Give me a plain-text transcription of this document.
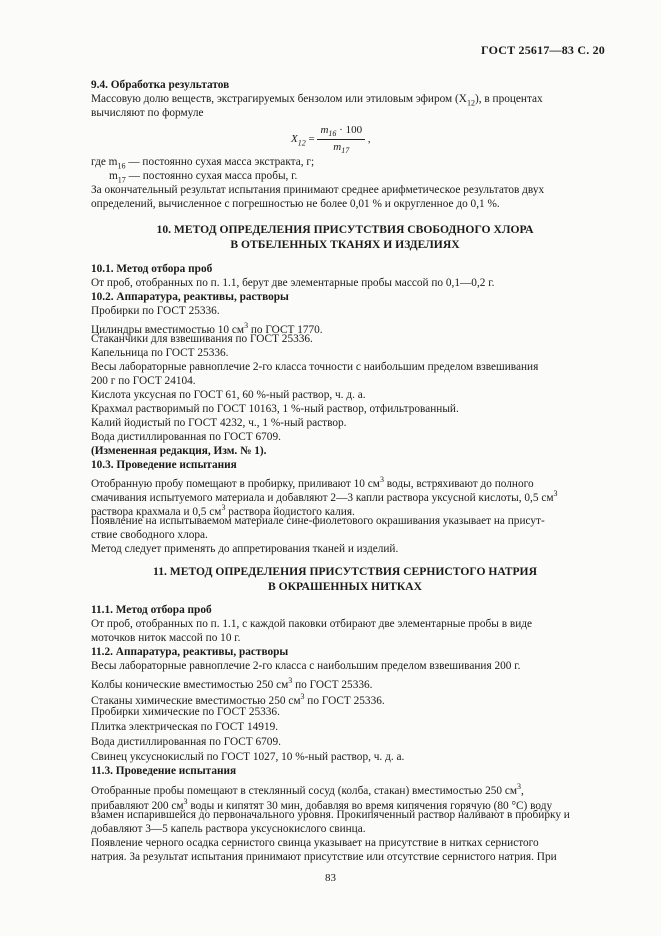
ГОСТ 25617—83 С. 20
9.4. Обработка результатов
Массовую долю веществ, экстрагируемых бензолом или этиловым эфиром $(X_{12})$, в процентах
вычисляют по формуле
$X_{12} = \frac{m_{16} \cdot 100}{m_{17}}$ ,
где $m_{16}$ — постоянно сухая масса экстракта, г;
$m_{17}$ — постоянно сухая масса пробы, г.
За окончательный результат испытания принимают среднее арифметическое результатов двух
определений, вычисленное с погрешностью не более 0,01 % и округленное до 0,1 %.
10. МЕТОД ОПРЕДЕЛЕНИЯ ПРИСУТСТВИЯ СВОБОДНОГО ХЛОРА
В ОТБЕЛЕННЫХ ТКАНЯХ И ИЗДЕЛИЯХ
10.1. Метод отбора проб
От проб, отобранных по п. 1.1, берут две элементарные пробы массой по 0,1—0,2 г.
10.2. Аппаратура, реактивы, растворы
Пробирки по ГОСТ 25336.
Цилиндры вместимостью 10 $см^3$ по ГОСТ 1770.
Стаканчики для взвешивания по ГОСТ 25336.
Капельница по ГОСТ 25336.
Весы лабораторные равноплечие 2-го класса точности с наибольшим пределом взвешивания
200 г по ГОСТ 24104.
Кислота уксусная по ГОСТ 61, 60 %-ный раствор, ч. д. а.
Крахмал растворимый по ГОСТ 10163, 1 %-ный раствор, отфильтрованный.
Калий йодистый по ГОСТ 4232, ч., 1 %-ный раствор.
Вода дистиллированная по ГОСТ 6709.
(Измененная редакция, Изм. № 1).
10.3. Проведение испытания
Отобранную пробу помещают в пробирку, приливают 10 $см^3$ воды, встряхивают до полного
смачивания испытуемого материала и добавляют 2—3 капли раствора уксусной кислоты, 0,5 $см^3$
раствора крахмала и 0,5 $см^3$ раствора йодистого калия.
Появление на испытываемом материале сине-фиолетового окрашивания указывает на присут-
ствие свободного хлора.
Метод следует применять до аппретирования тканей и изделий.
11. МЕТОД ОПРЕДЕЛЕНИЯ ПРИСУТСТВИЯ СЕРНИСТОГО НАТРИЯ
В ОКРАШЕННЫХ НИТКАХ
11.1. Метод отбора проб
От проб, отобранных по п. 1.1, с каждой паковки отбирают две элементарные пробы в виде
моточков ниток массой по 10 г.
11.2. Аппаратура, реактивы, растворы
Весы лабораторные равноплечие 2-го класса с наибольшим пределом взвешивания 200 г.
Колбы конические вместимостью 250 $см^3$ по ГОСТ 25336.
Стаканы химические вместимостью 250 $см^3$ по ГОСТ 25336.
Пробирки химические по ГОСТ 25336.
Плитка электрическая по ГОСТ 14919.
Вода дистиллированная по ГОСТ 6709.
Свинец уксуснокислый по ГОСТ 1027, 10 %-ный раствор, ч. д. а.
11.3. Проведение испытания
Отобранные пробы помещают в стеклянный сосуд (колба, стакан) вместимостью 250 $см^3$,
прибавляют 200 $см^3$ воды и кипятят 30 мин, добавляя во время кипячения горячую (80 °С) воду
взамен испарившейся до первоначального уровня. Прокипяченный раствор наливают в пробирку и
добавляют 3—5 капель раствора уксуснокислого свинца.
Появление черного осадка сернистого свинца указывает на присутствие в нитках сернистого
натрия. За результат испытания принимают присутствие или отсутствие сернистого натрия. При
83
